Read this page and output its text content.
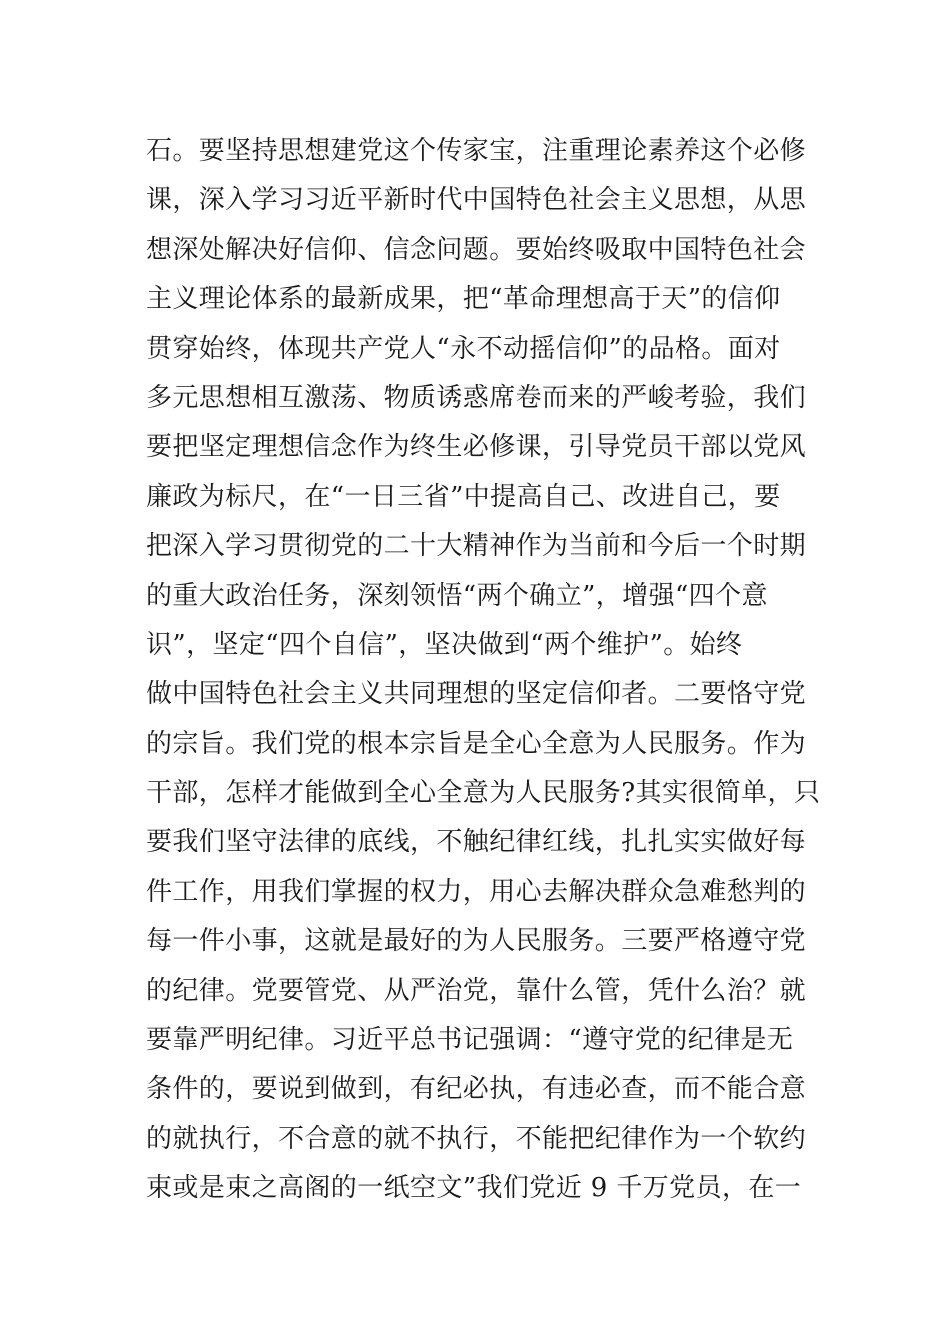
石。要坚持思想建党这个传家宝，注重理论素养这个必修
课，深入学习习近平新时代中国特色社会主义思想，从思
想深处解决好信仰、信念问题。要始终吸取中国特色社会
主义理论体系的最新成果，把“革命理想高于天”的信仰
贯穿始终，体现共产党人“永不动摇信仰”的品格。面对
多元思想相互激荡、物质诱惑席卷而来的严峻考验，我们
要把坚定理想信念作为终生必修课，引导党员干部以党风
廉政为标尺，在“一日三省”中提高自己、改进自己，要
把深入学习贯彻党的二十大精神作为当前和今后一个时期
的重大政治任务，深刻领悟“两个确立”，增强“四个意
识”，坚定“四个自信”，坚决做到“两个维护”。始终
做中国特色社会主义共同理想的坚定信仰者。二要恪守党
的宗旨。我们党的根本宗旨是全心全意为人民服务。作为
干部，怎样才能做到全心全意为人民服务?其实很简单，只
要我们坚守法律的底线，不触纪律红线，扎扎实实做好每
件工作，用我们掌握的权力，用心去解决群众急难愁判的
每一件小事，这就是最好的为人民服务。三要严格遵守党
的纪律。党要管党、从严治党，靠什么管，凭什么治？就
要靠严明纪律。习近平总书记强调：“遵守党的纪律是无
条件的，要说到做到，有纪必执，有违必查，而不能合意
的就执行，不合意的就不执行，不能把纪律作为一个软约
束或是束之高阁的一纸空文”我们党近 9 千万党员，在一
